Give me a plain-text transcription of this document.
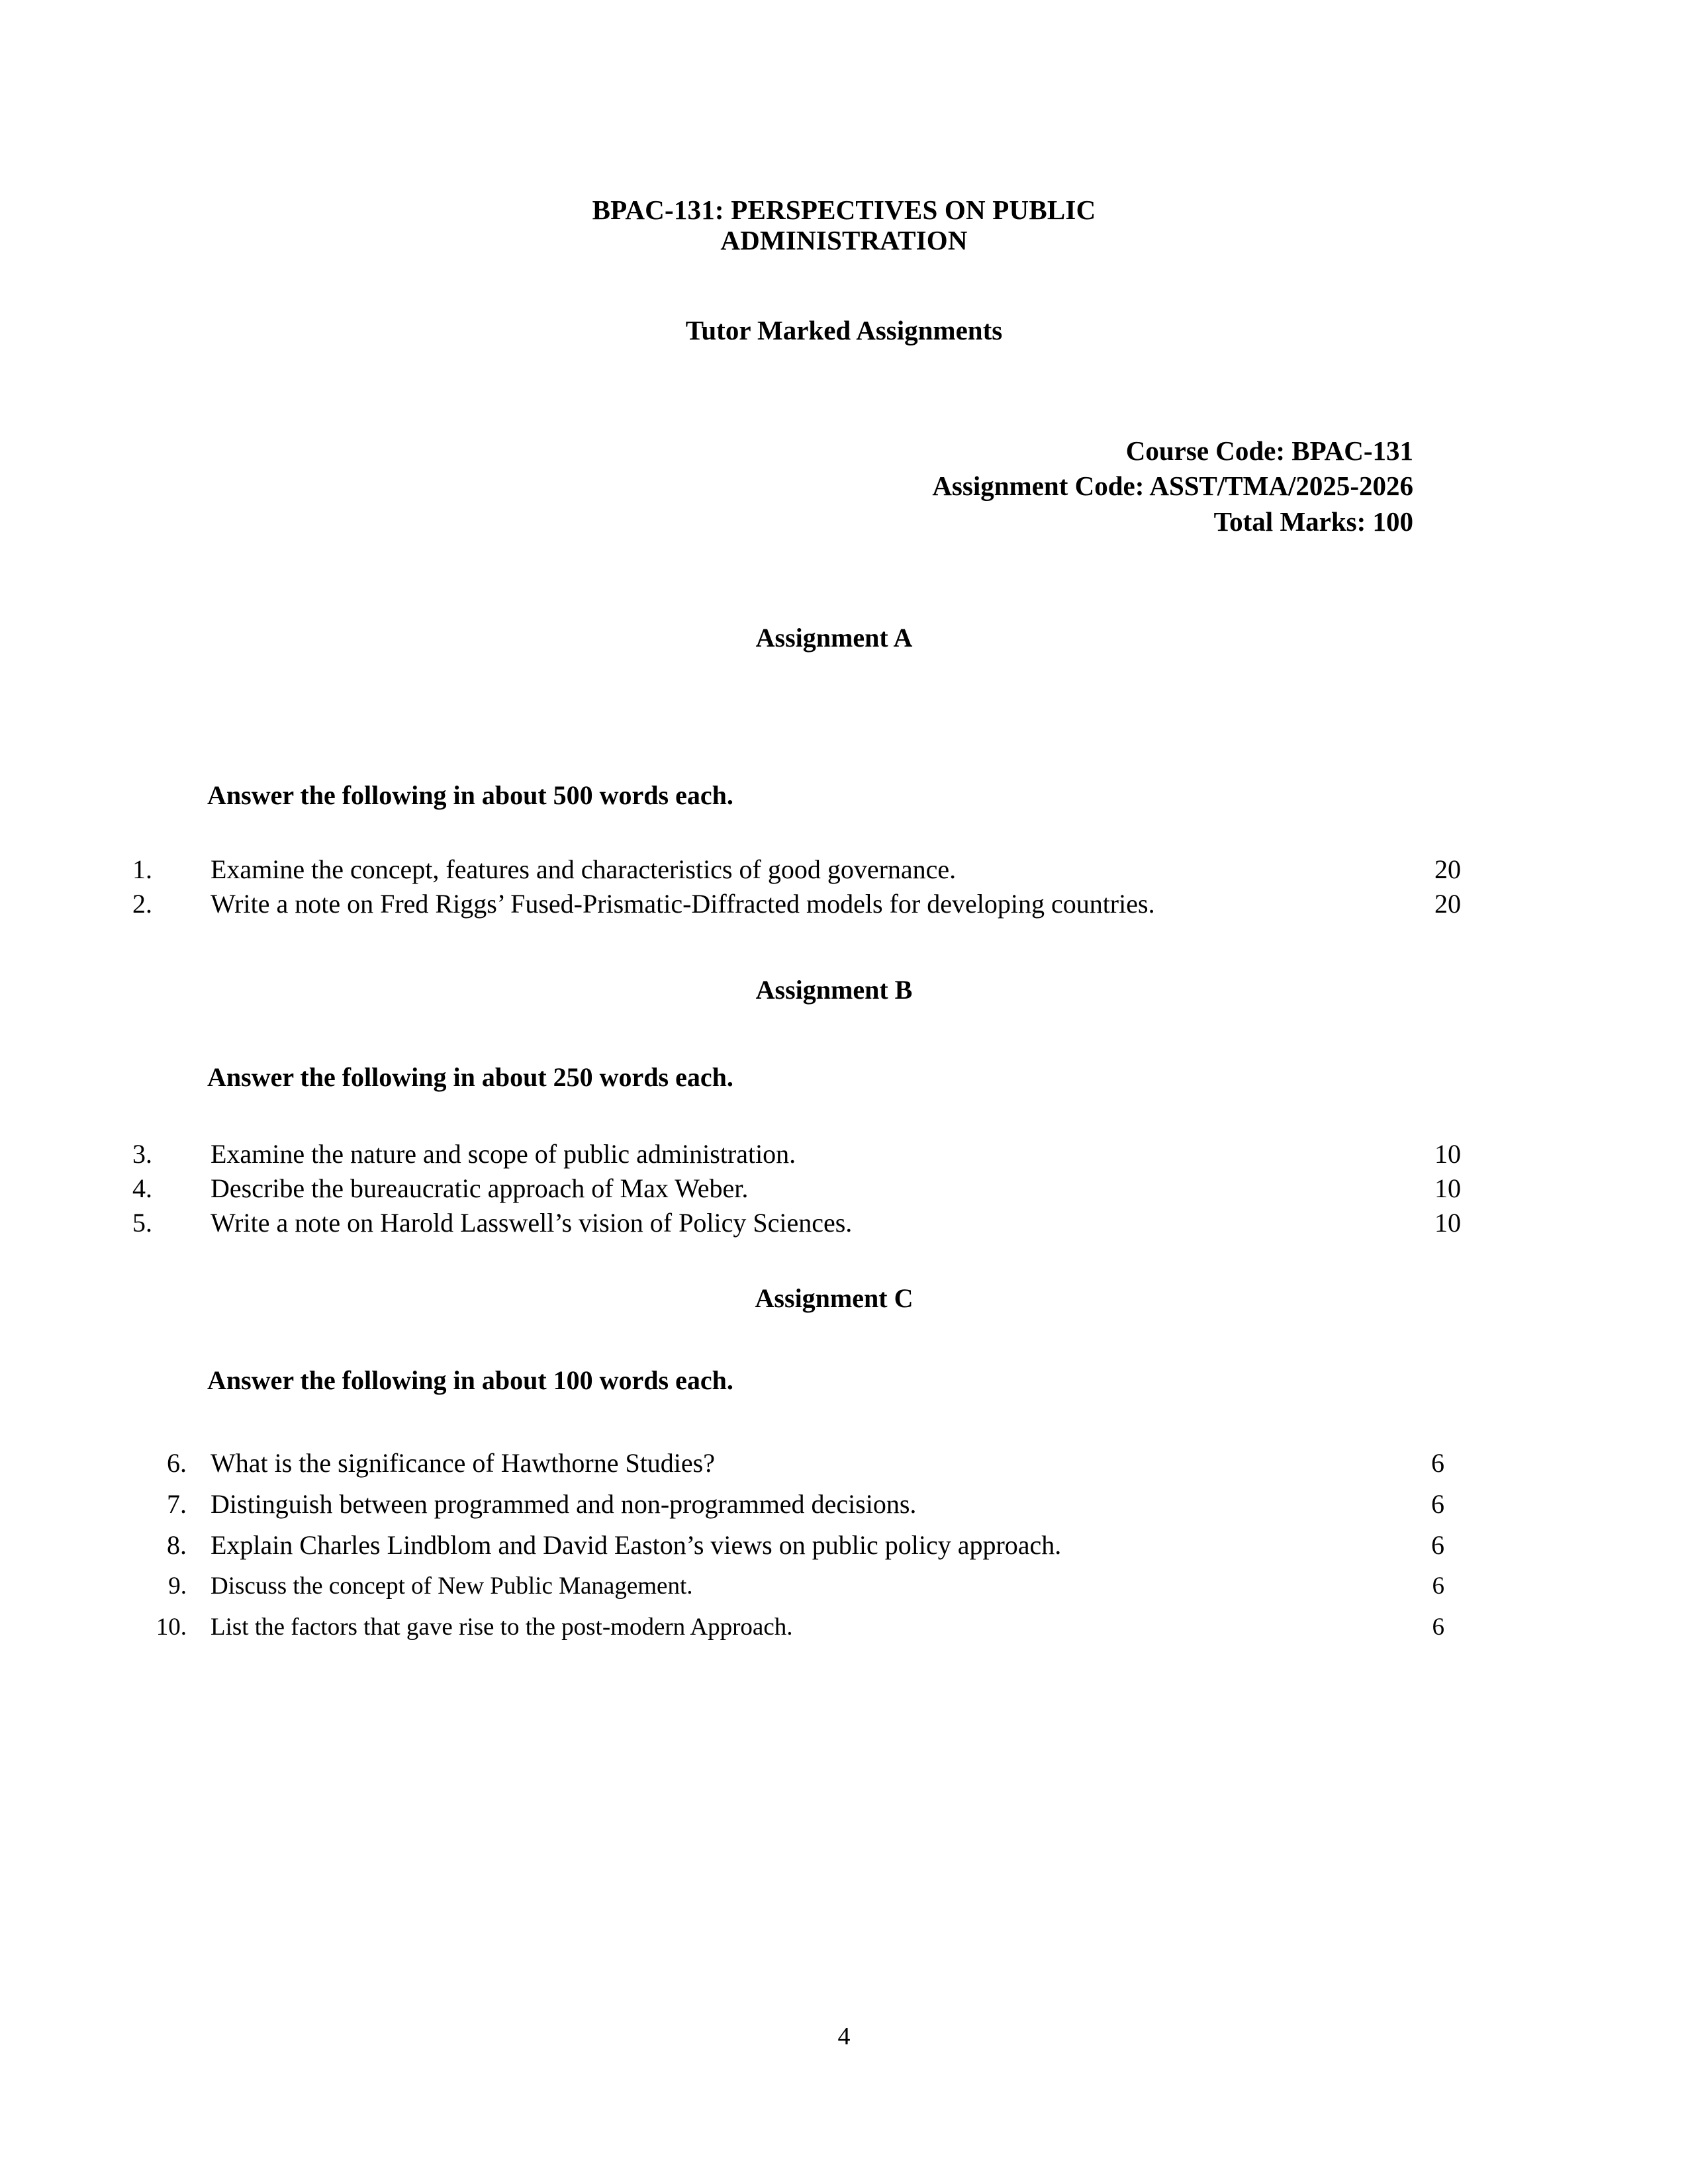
BPAC-131: PERSPECTIVES ON PUBLIC
ADMINISTRATION
Tutor Marked Assignments
Course Code: BPAC-131
Assignment Code: ASST/TMA/2025-2026
Total Marks: 100
Assignment A
Answer the following in about 500 words each.
1. Examine the concept, features and characteristics of good governance.	20
2. Write a note on Fred Riggs’ Fused-Prismatic-Diffracted models for developing countries.	20
Assignment B
Answer the following in about 250 words each.
3. Examine the nature and scope of public administration.	10
4. Describe the bureaucratic approach of Max Weber.	10
5. Write a note on Harold Lasswell’s vision of Policy Sciences.	10
Assignment C
Answer the following in about 100 words each.
6. What is the significance of Hawthorne Studies?	6
7. Distinguish between programmed and non-programmed decisions.	6
8. Explain Charles Lindblom and David Easton’s views on public policy approach.	6
9. Discuss the concept of New Public Management.	6
10. List the factors that gave rise to the post-modern Approach.	6
4
